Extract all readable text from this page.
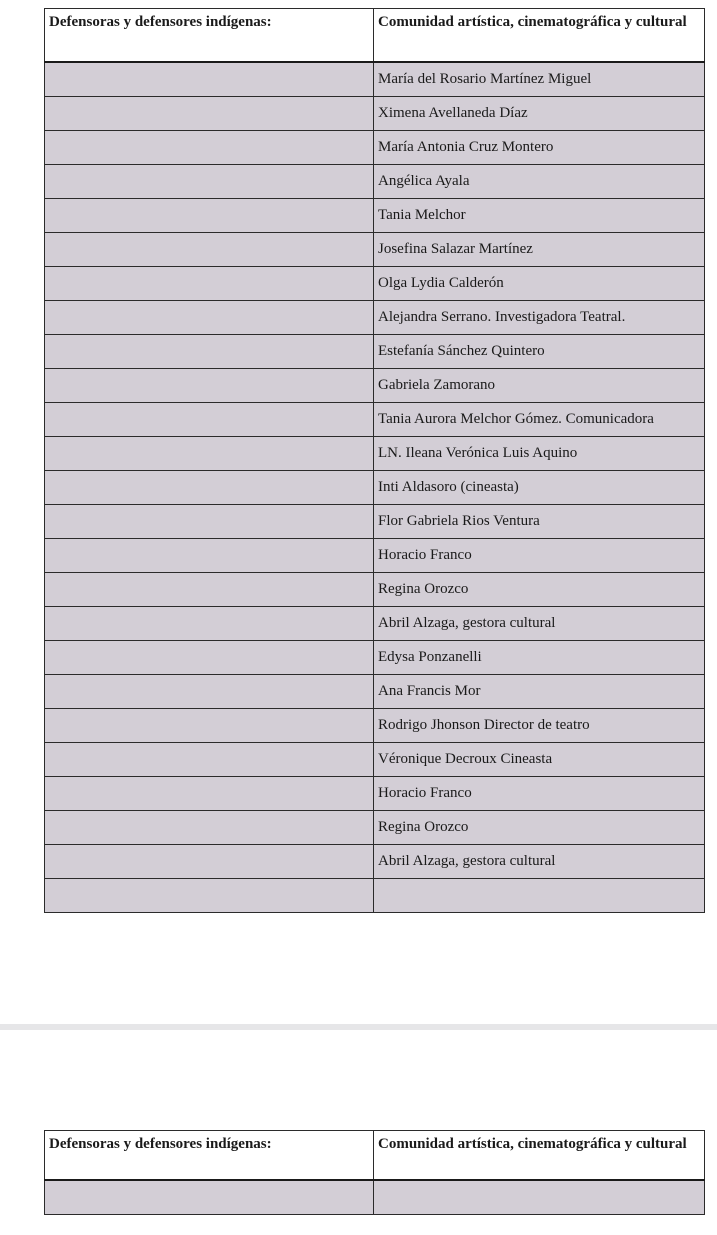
Defensoras y defensores indígenas:	Comunidad artística, cinematográfica y cultural
	María del Rosario Martínez Miguel
	Ximena Avellaneda Díaz
	María Antonia Cruz Montero
	Angélica Ayala
	Tania Melchor
	Josefina Salazar Martínez
	Olga Lydia Calderón
	Alejandra Serrano. Investigadora Teatral.
	Estefanía Sánchez Quintero
	Gabriela Zamorano
	Tania Aurora Melchor Gómez. Comunicadora
	LN. Ileana Verónica Luis Aquino
	Inti Aldasoro (cineasta)
	Flor Gabriela Rios Ventura
	Horacio Franco
	Regina Orozco
	Abril Alzaga, gestora cultural
	Edysa Ponzanelli
	Ana Francis Mor
	Rodrigo Jhonson Director de teatro
	Véronique Decroux Cineasta
	Horacio Franco
	Regina Orozco
	Abril Alzaga, gestora cultural

Defensoras y defensores indígenas:	Comunidad artística, cinematográfica y cultural
